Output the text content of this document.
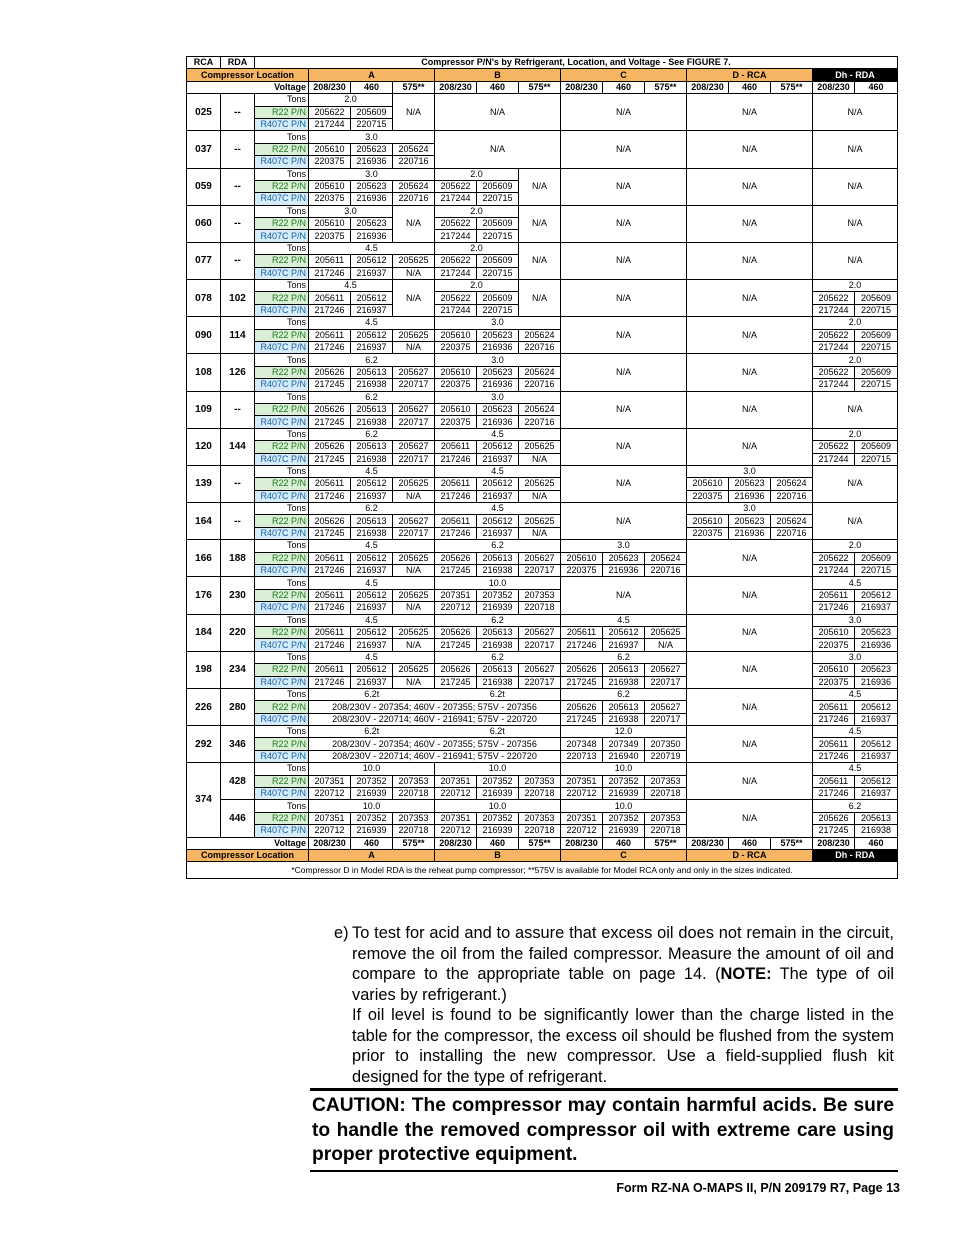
RCA	RDA	Compressor P/N's by Refrigerant, Location, and Voltage - See FIGURE 7.														
Compressor Location			A			B			C			D - RCA			Dh - RDA	
Voltage			208/230	460	575**	208/230	460	575**	208/230	460	575**	208/230	460	575**	208/230	460
025	--	Tons	2.0		N/A	N/A			N/A			N/A			N/A	
		R22 P/N	205622	205609												
		R407C P/N	217244	220715												
037	--	Tons	3.0			N/A			N/A			N/A			N/A	
		R22 P/N	205610	205623	205624											
		R407C P/N	220375	216936	220716											
059	--	Tons	3.0			2.0		N/A	N/A			N/A			N/A	
		R22 P/N	205610	205623	205624	205622	205609									
		R407C P/N	220375	216936	220716	217244	220715									
060	--	Tons	3.0		N/A	2.0		N/A	N/A			N/A			N/A	
		R22 P/N	205610	205623		205622	205609									
		R407C P/N	220375	216936		217244	220715									
077	--	Tons	4.5			2.0		N/A	N/A			N/A			N/A	
		R22 P/N	205611	205612	205625	205622	205609									
		R407C P/N	217246	216937	N/A	217244	220715									
078	102	Tons	4.5		N/A	2.0		N/A	N/A			N/A			2.0	
		R22 P/N	205611	205612		205622	205609								205622	205609
		R407C P/N	217246	216937		217244	220715								217244	220715
090	114	Tons	4.5			3.0			N/A			N/A			2.0	
		R22 P/N	205611	205612	205625	205610	205623	205624							205622	205609
		R407C P/N	217246	216937	N/A	220375	216936	220716							217244	220715
108	126	Tons	6.2			3.0			N/A			N/A			2.0	
		R22 P/N	205626	205613	205627	205610	205623	205624							205622	205609
		R407C P/N	217245	216938	220717	220375	216936	220716							217244	220715
109	--	Tons	6.2			3.0			N/A			N/A			N/A	
		R22 P/N	205626	205613	205627	205610	205623	205624								
		R407C P/N	217245	216938	220717	220375	216936	220716								
120	144	Tons	6.2			4.5			N/A			N/A			2.0	
		R22 P/N	205626	205613	205627	205611	205612	205625							205622	205609
		R407C P/N	217245	216938	220717	217246	216937	N/A							217244	220715
139	--	Tons	4.5			4.5			N/A			3.0			N/A	
		R22 P/N	205611	205612	205625	205611	205612	205625				205610	205623	205624		
		R407C P/N	217246	216937	N/A	217246	216937	N/A				220375	216936	220716		
164	--	Tons	6.2			4.5			N/A			3.0			N/A	
		R22 P/N	205626	205613	205627	205611	205612	205625				205610	205623	205624		
		R407C P/N	217245	216938	220717	217246	216937	N/A				220375	216936	220716		
166	188	Tons	4.5			6.2			3.0			N/A			2.0	
		R22 P/N	205611	205612	205625	205626	205613	205627	205610	205623	205624				205622	205609
		R407C P/N	217246	216937	N/A	217245	216938	220717	220375	216936	220716				217244	220715
176	230	Tons	4.5			10.0			N/A			N/A			4.5	
		R22 P/N	205611	205612	205625	207351	207352	207353							205611	205612
		R407C P/N	217246	216937	N/A	220712	216939	220718							217246	216937
184	220	Tons	4.5			6.2			4.5			N/A			3.0	
		R22 P/N	205611	205612	205625	205626	205613	205627	205611	205612	205625				205610	205623
		R407C P/N	217246	216937	N/A	217245	216938	220717	217246	216937	N/A				220375	216936
198	234	Tons	4.5			6.2			6.2			N/A			3.0	
		R22 P/N	205611	205612	205625	205626	205613	205627	205626	205613	205627				205610	205623
		R407C P/N	217246	216937	N/A	217245	216938	220717	217245	216938	220717				220375	216936
226	280	Tons	6.2t			6.2t			6.2			N/A			4.5	
		R22 P/N	208/230V - 207354; 460V - 207355; 575V - 207356						205626	205613	205627				205611	205612
		R407C P/N	208/230V - 220714; 460V - 216941; 575V - 220720						217245	216938	220717				217246	216937
292	346	Tons	6.2t			6.2t			12.0			N/A			4.5	
		R22 P/N	208/230V - 207354; 460V - 207355; 575V - 207356						207348	207349	207350				205611	205612
		R407C P/N	208/230V - 220714; 460V - 216941; 575V - 220720						220713	216940	220719				217246	216937
374	428	Tons	10.0			10.0			10.0			N/A			4.5	
		R22 P/N	207351	207352	207353	207351	207352	207353	207351	207352	207353				205611	205612
		R407C P/N	220712	216939	220718	220712	216939	220718	220712	216939	220718				217246	216937
	446	Tons	10.0			10.0			10.0			N/A			6.2	
		R22 P/N	207351	207352	207353	207351	207352	207353	207351	207352	207353				205626	205613
		R407C P/N	220712	216939	220718	220712	216939	220718	220712	216939	220718				217245	216938
Voltage			208/230	460	575**	208/230	460	575**	208/230	460	575**	208/230	460	575**	208/230	460
Compressor Location			A			B			C			D - RCA			Dh - RDA	
*Compressor D in Model RDA is the reheat pump compressor; **575V is available for Model RCA only and only in the sizes indicated.																
e) To test for acid and to assure that excess oil does not remain in the circuit, remove the oil from the failed compressor. Measure the amount of oil and compare to the appropriate table on page 14. (NOTE: The type of oil varies by refrigerant.)

If oil level is found to be significantly lower than the charge listed in the table for the compressor, the excess oil should be flushed from the system prior to installing the new compressor. Use a field-supplied flush kit designed for the type of refrigerant.

CAUTION: The compressor may contain harmful acids. Be sure to handle the removed compressor oil with extreme care using proper protective equipment.
Form RZ-NA O-MAPS II, P/N 209179 R7, Page 13
